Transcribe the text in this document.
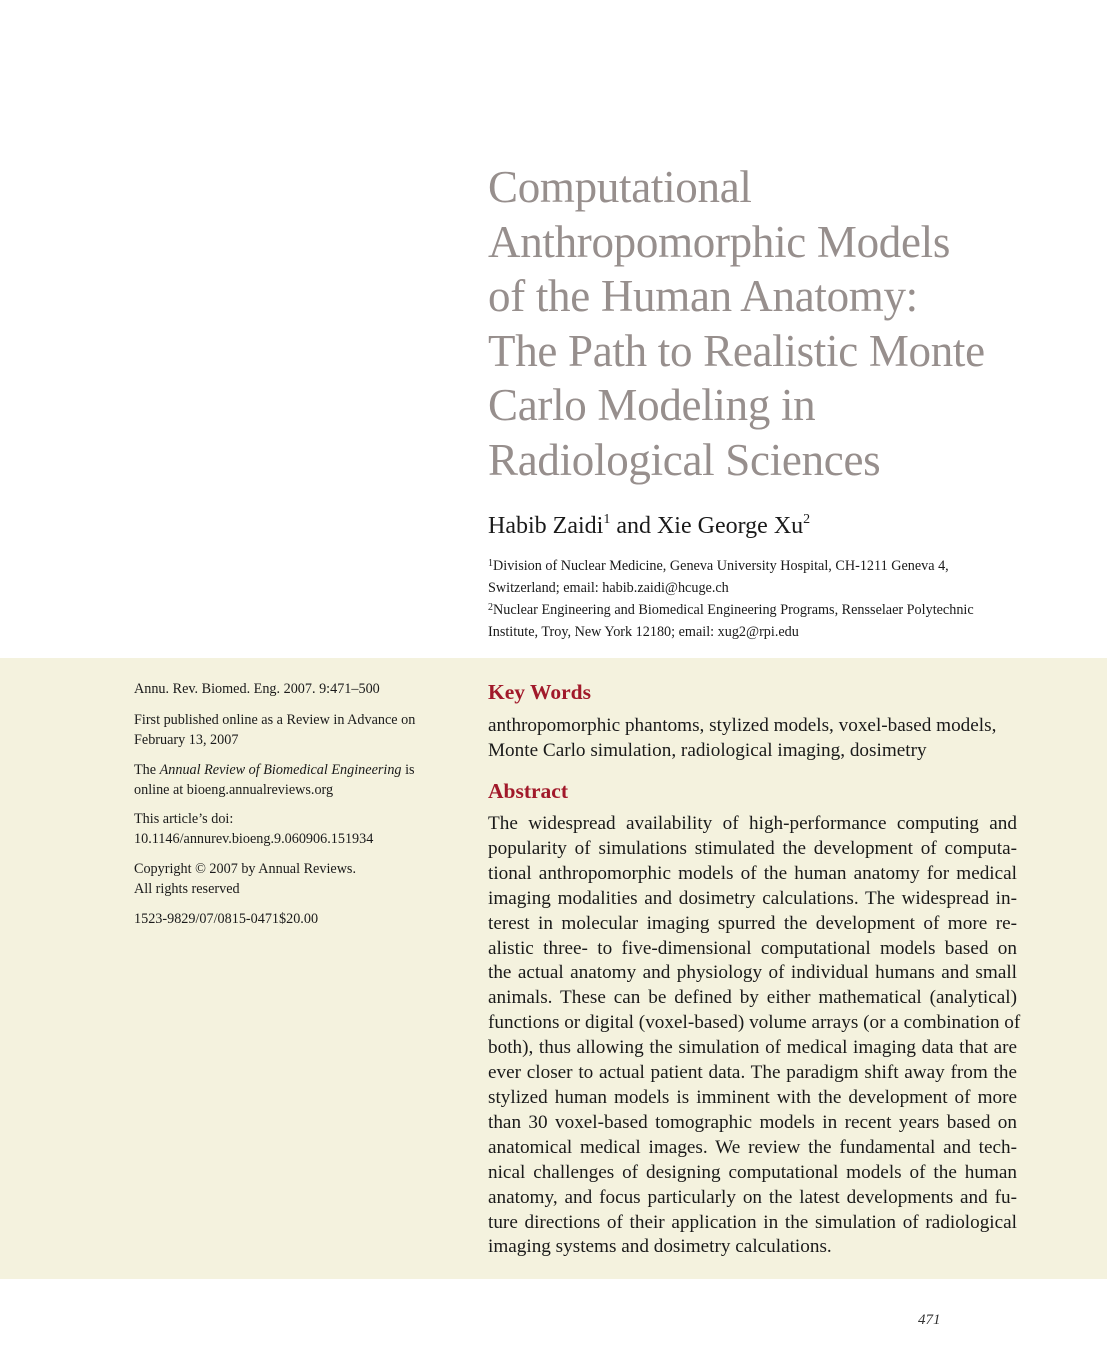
Computational
Anthropomorphic Models
of the Human Anatomy:
The Path to Realistic Monte
Carlo Modeling in
Radiological Sciences
Habib Zaidi$^1$ and Xie George Xu$^2$
$^1$Division of Nuclear Medicine, Geneva University Hospital, CH-1211 Geneva 4,
Switzerland; email: habib.zaidi@hcuge.ch
$^2$Nuclear Engineering and Biomedical Engineering Programs, Rensselaer Polytechnic
Institute, Troy, New York 12180; email: xug2@rpi.edu
Annu. Rev. Biomed. Eng. 2007. 9:471–500
First published online as a Review in Advance on
February 13, 2007
The Annual Review of Biomedical Engineering is
online at bioeng.annualreviews.org
This article’s doi:
10.1146/annurev.bioeng.9.060906.151934
Copyright © 2007 by Annual Reviews.
All rights reserved
1523-9829/07/0815-0471$20.00
Key Words
anthropomorphic phantoms, stylized models, voxel-based models,
Monte Carlo simulation, radiological imaging, dosimetry
Abstract
The widespread availability of high-performance computing and
popularity of simulations stimulated the development of computa-
tional anthropomorphic models of the human anatomy for medical
imaging modalities and dosimetry calculations. The widespread in-
terest in molecular imaging spurred the development of more re-
alistic three- to five-dimensional computational models based on
the actual anatomy and physiology of individual humans and small
animals. These can be defined by either mathematical (analytical)
functions or digital (voxel-based) volume arrays (or a combination of
both), thus allowing the simulation of medical imaging data that are
ever closer to actual patient data. The paradigm shift away from the
stylized human models is imminent with the development of more
than 30 voxel-based tomographic models in recent years based on
anatomical medical images. We review the fundamental and tech-
nical challenges of designing computational models of the human
anatomy, and focus particularly on the latest developments and fu-
ture directions of their application in the simulation of radiological
imaging systems and dosimetry calculations.
471
